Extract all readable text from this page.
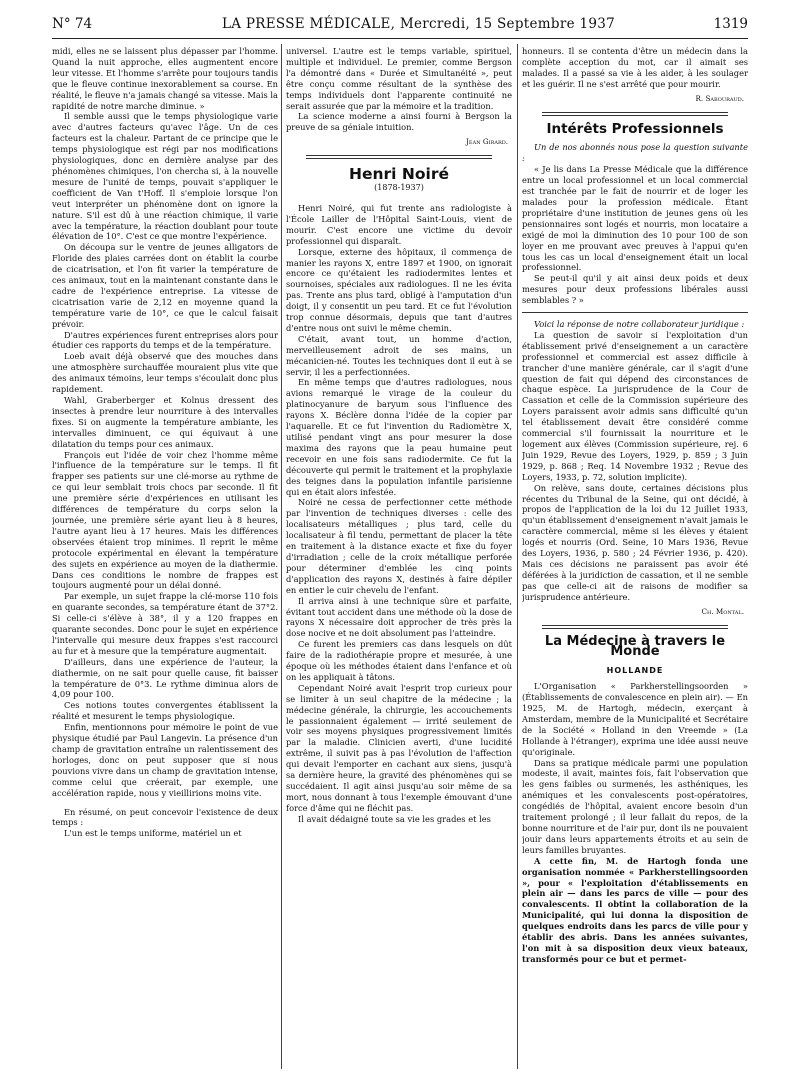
N° 74	LA PRESSE MÉDICALE, Mercredi, 15 Septembre 1937	1319

midi, elles ne se laissent plus dépasser par l'homme. Quand la nuit approche, elles augmentent encore leur vitesse. Et l'homme s'arrête pour toujours tandis que le fleuve continue inexorablement sa course. En réalité, le fleuve n'a jamais changé sa vitesse. Mais la rapidité de notre marche diminue. »

Il semble aussi que le temps physiologique varie avec d'autres facteurs qu'avec l'âge. Un de ces facteurs est la chaleur. Partant de ce principe que le temps physiologique est régi par nos modifications physiologiques, donc en dernière analyse par des phénomènes chimiques, l'on chercha si, à la nouvelle mesure de l'unité de temps, pouvait s'appliquer le coefficient de Van t'Hoff. Il s'emploie lorsque l'on veut interpréter un phénomène dont on ignore la nature. S'il est dû à une réaction chimique, il varie avec la température, la réaction doublant pour toute élévation de 10°. C'est ce que montre l'expérience.

On découpa sur le ventre de jeunes alligators de Floride des plaies carrées dont on établit la courbe de cicatrisation, et l'on fit varier la température de ces animaux, tout en la maintenant constante dans le cadre de l'expérience entreprise. La vitesse de cicatrisation varie de 2,12 en moyenne quand la température varie de 10°, ce que le calcul faisait prévoir.

D'autres expériences furent entreprises alors pour étudier ces rapports du temps et de la température.

Loeb avait déjà observé que des mouches dans une atmosphère surchauffée mouraient plus vite que des animaux témoins, leur temps s'écoulait donc plus rapidement.

Wahl, Graberberger et Kolnus dressent des insectes à prendre leur nourriture à des intervalles fixes. Si on augmente la température ambiante, les intervalles diminuent, ce qui équivaut à une dilatation du temps pour ces animaux.

François eut l'idée de voir chez l'homme même l'influence de la température sur le temps. Il fit frapper ses patients sur une clé-morse au rythme de ce qui leur semblait trois chocs par seconde. Il fit une première série d'expériences en utilisant les différences de température du corps selon la journée, une première série ayant lieu à 8 heures, l'autre ayant lieu à 17 heures. Mais les différences observées étaient trop minimes. Il reprit le même protocole expérimental en élevant la température des sujets en expérience au moyen de la diathermie. Dans ces conditions le nombre de frappes est toujours augmenté pour un délai donné.

Par exemple, un sujet frappe la clé-morse 110 fois en quarante secondes, sa température étant de 37°2. Si celle-ci s'élève à 38°, il y a 120 frappes en quarante secondes. Donc pour le sujet en expérience l'intervalle qui mesure deux frappes s'est raccourci au fur et à mesure que la température augmentait.

D'ailleurs, dans une expérience de l'auteur, la diathermie, on ne sait pour quelle cause, fit baisser la température de 0°3. Le rythme diminua alors de 4,09 pour 100.

Ces notions toutes convergentes établissent la réalité et mesurent le temps physiologique.

Enfin, mentionnons pour mémoire le point de vue physique étudié par Paul Langevin. La présence d'un champ de gravitation entraîne un ralentissement des horloges, donc on peut supposer que si nous pouvions vivre dans un champ de gravitation intense, comme celui que créerait, par exemple, une accélération rapide, nous y vieillirions moins vite.

En résumé, on peut concevoir l'existence de deux temps :

L'un est le temps uniforme, matériel un et

universel. L'autre est le temps variable, spirituel, multiple et individuel. Le premier, comme Bergson l'a démontré dans « Durée et Simultanéité », peut être conçu comme résultant de la synthèse des temps individuels dont l'apparente continuité ne serait assurée que par la mémoire et la tradition.

La science moderne a ainsi fourni à Bergson la preuve de sa géniale intuition.

Jean Girard.
Henri Noiré
(1878-1937)

Henri Noiré, qui fut trente ans radiologiste à l'École Lailler de l'Hôpital Saint-Louis, vient de mourir. C'est encore une victime du devoir professionnel qui disparaît.

Lorsque, externe des hôpitaux, il commença de manier les rayons X, entre 1897 et 1900, on ignorait encore ce qu'étaient les radiodermites lentes et sournoises, spéciales aux radiologues. Il ne les évita pas. Trente ans plus tard, obligé à l'amputation d'un doigt, il y consentit un peu tard. Et ce fut l'évolution trop connue désormais, depuis que tant d'autres d'entre nous ont suivi le même chemin.

C'était, avant tout, un homme d'action, merveilleusement adroit de ses mains, un mécanicien-né. Toutes les techniques dont il eut à se servir, il les a perfectionnées.

En même temps que d'autres radiologues, nous avions remarqué le virage de la couleur du platinocyanure de baryum sous l'influence des rayons X. Béclère donna l'idée de la copier par l'aquarelle. Et ce fut l'invention du Radiomètre X, utilisé pendant vingt ans pour mesurer la dose maxima des rayons que la peau humaine peut recevoir en une fois sans radiodermite. Ce fut la découverte qui permit le traitement et la prophylaxie des teignes dans la population infantile parisienne qui en était alors infestée.

Noiré ne cessa de perfectionner cette méthode par l'invention de techniques diverses : celle des localisateurs métalliques ; plus tard, celle du localisateur à fil tendu, permettant de placer la tête en traitement à la distance exacte et fixe du foyer d'irradiation ; celle de la croix métallique perforée pour déterminer d'emblée les cinq points d'application des rayons X, destinés à faire dépiler en entier le cuir chevelu de l'enfant.

Il arriva ainsi à une technique sûre et parfaite, évitant tout accident dans une méthode où la dose de rayons X nécessaire doit approcher de très près la dose nocive et ne doit absolument pas l'atteindre.

Ce furent les premiers cas dans lesquels on dût faire de la radiothérapie propre et mesurée, à une époque où les méthodes étaient dans l'enfance et où on les appliquait à tâtons.

Cependant Noiré avait l'esprit trop curieux pour se limiter à un seul chapitre de la médecine ; la médecine générale, la chirurgie, les accouchements le passionnaient également — irrité seulement de voir ses moyens physiques progressivement limités par la maladie. Clinicien averti, d'une lucidité extrême, il suivit pas à pas l'évolution de l'affection qui devait l'emporter en cachant aux siens, jusqu'à sa dernière heure, la gravité des phénomènes qui se succédaient. Il agit ainsi jusqu'au soir même de sa mort, nous donnant à tous l'exemple émouvant d'une force d'âme qui ne fléchit pas.

Il avait dédaigné toute sa vie les grades et les

honneurs. Il se contenta d'être un médecin dans la complète acception du mot, car il aimait ses malades. Il a passé sa vie à les aider, à les soulager et les guérir. Il ne s'est arrêté que pour mourir.

R. Sabouraud.
Intérêts Professionnels

Un de nos abonnés nous pose la question suivante :

« Je lis dans La Presse Médicale que la différence entre un local professionnel et un local commercial est tranchée par le fait de nourrir et de loger les malades pour la profession médicale. Étant propriétaire d'une institution de jeunes gens où les pensionnaires sont logés et nourris, mon locataire a exigé de moi la diminution des 10 pour 100 de son loyer en me prouvant avec preuves à l'appui qu'en tous les cas un local d'enseignement était un local professionnel.

Se peut-il qu'il y ait ainsi deux poids et deux mesures pour deux professions libérales aussi semblables ? »

Voici la réponse de notre collaborateur juridique :

La question de savoir si l'exploitation d'un établissement privé d'enseignement a un caractère professionnel et commercial est assez difficile à trancher d'une manière générale, car il s'agit d'une question de fait qui dépend des circonstances de chaque espèce. La jurisprudence de la Cour de Cassation et celle de la Commission supérieure des Loyers paraissent avoir admis sans difficulté qu'un tel établissement devait être considéré comme commercial s'il fournissait la nourriture et le logement aux élèves (Commission supérieure, rej. 6 Juin 1929, Revue des Loyers, 1929, p. 859 ; 3 Juin 1929, p. 868 ; Req. 14 Novembre 1932 ; Revue des Loyers, 1933, p. 72, solution implicite).

On relève, sans doute, certaines décisions plus récentes du Tribunal de la Seine, qui ont décidé, à propos de l'application de la loi du 12 Juillet 1933, qu'un établissement d'enseignement n'avait jamais le caractère commercial, même si les élèves y étaient logés et nourris (Ord. Seine, 10 Mars 1936, Revue des Loyers, 1936, p. 580 ; 24 Février 1936, p. 420). Mais ces décisions ne paraissent pas avoir été déférées à la juridiction de cassation, et il ne semble pas que celle-ci ait de raisons de modifier sa jurisprudence antérieure.

Ch. Montal.
La Médecine à travers le Monde
HOLLANDE

L'Organisation « Parkherstellingsoorden » (Établissements de convalescence en plein air). — En 1925, M. de Hartogh, médecin, exerçant à Amsterdam, membre de la Municipalité et Secrétaire de la Société « Holland in den Vreemde » (La Hollande à l'étranger), exprima une idée aussi neuve qu'originale.

Dans sa pratique médicale parmi une population modeste, il avait, maintes fois, fait l'observation que les gens faibles ou surmenés, les asthéniques, les anémiques et les convalescents post-opératoires, congédiés de l'hôpital, avaient encore besoin d'un traitement prolongé ; il leur fallait du repos, de la bonne nourriture et de l'air pur, dont ils ne pouvaient jouir dans leurs appartements étroits et au sein de leurs familles bruyantes.

A cette fin, M. de Hartogh fonda une organisation nommée « Parkherstellingsoorden », pour « l'exploitation d'établissements en plein air — dans les parcs de ville — pour des convalescents. Il obtint la collaboration de la Municipalité, qui lui donna la disposition de quelques endroits dans les parcs de ville pour y établir des abris. Dans les années suivantes, l'on mit à sa disposition deux vieux bateaux, transformés pour ce but et permet-
